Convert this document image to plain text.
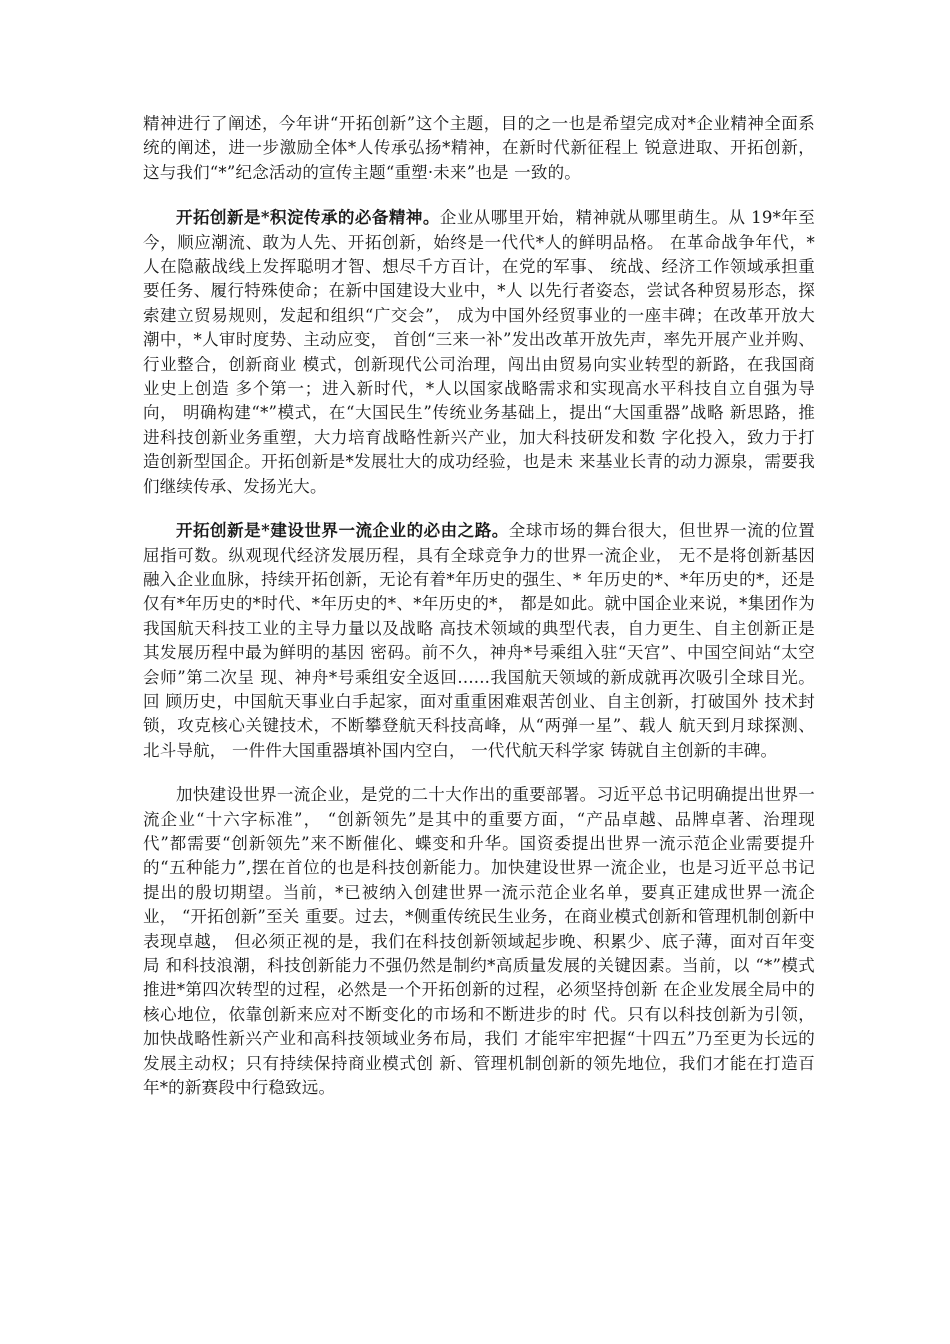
精神进行了阐述，今年讲“开拓创新”这个主题，目的之一也是希望完成对*企业精神全面系统的阐述，进一步激励全体*人传承弘扬*精神，在新时代新征程上 锐意进取、开拓创新，这与我们“*”纪念活动的宣传主题“重塑·未来”也是 一致的。

开拓创新是*积淀传承的必备精神。企业从哪里开始，精神就从哪里萌生。从 19*年至今，顺应潮流、敢为人先、开拓创新，始终是一代代*人的鲜明品格。 在革命战争年代，*人在隐蔽战线上发挥聪明才智、想尽千方百计，在党的军事、 统战、经济工作领域承担重要任务、履行特殊使命；在新中国建设大业中，*人 以先行者姿态，尝试各种贸易形态，探索建立贸易规则，发起和组织“广交会”， 成为中国外经贸事业的一座丰碑；在改革开放大潮中，*人审时度势、主动应变， 首创“三来一补”发出改革开放先声，率先开展产业并购、行业整合，创新商业 模式，创新现代公司治理，闯出由贸易向实业转型的新路，在我国商业史上创造 多个第一；进入新时代，*人以国家战略需求和实现高水平科技自立自强为导向， 明确构建“*”模式，在“大国民生”传统业务基础上，提出“大国重器”战略 新思路，推进科技创新业务重塑，大力培育战略性新兴产业，加大科技研发和数 字化投入，致力于打造创新型国企。开拓创新是*发展壮大的成功经验，也是未 来基业长青的动力源泉，需要我们继续传承、发扬光大。

开拓创新是*建设世界一流企业的必由之路。全球市场的舞台很大，但世界一流的位置屈指可数。纵观现代经济发展历程，具有全球竞争力的世界一流企业， 无不是将创新基因融入企业血脉，持续开拓创新，无论有着*年历史的强生、* 年历史的*、*年历史的*，还是仅有*年历史的*时代、*年历史的*、*年历史的*， 都是如此。就中国企业来说，*集团作为我国航天科技工业的主导力量以及战略 高技术领域的典型代表，自力更生、自主创新正是其发展历程中最为鲜明的基因 密码。前不久，神舟*号乘组入驻“天宫”、中国空间站“太空会师”第二次呈 现、神舟*号乘组安全返回......我国航天领域的新成就再次吸引全球目光。回 顾历史，中国航天事业白手起家，面对重重困难艰苦创业、自主创新，打破国外 技术封锁，攻克核心关键技术，不断攀登航天科技高峰，从“两弹一星”、载人 航天到月球探测、北斗导航， 一件件大国重器填补国内空白， 一代代航天科学家 铸就自主创新的丰碑。

加快建设世界一流企业，是党的二十大作出的重要部署。习近平总书记明确提出世界一流企业“十六字标准”， “创新领先”是其中的重要方面，“产品卓越、品牌卓著、治理现代”都需要“创新领先”来不断催化、蝶变和升华。国资委提出世界一流示范企业需要提升的“五种能力”,摆在首位的也是科技创新能力。加快建设世界一流企业，也是习近平总书记提出的殷切期望。当前，*已被纳入创建世界一流示范企业名单，要真正建成世界一流企业， “开拓创新”至关 重要。过去，*侧重传统民生业务，在商业模式创新和管理机制创新中表现卓越， 但必须正视的是，我们在科技创新领域起步晚、积累少、底子薄，面对百年变局 和科技浪潮，科技创新能力不强仍然是制约*高质量发展的关键因素。当前，以 “*”模式推进*第四次转型的过程，必然是一个开拓创新的过程，必须坚持创新 在企业发展全局中的核心地位，依靠创新来应对不断变化的市场和不断进步的时 代。只有以科技创新为引领，加快战略性新兴产业和高科技领域业务布局，我们 才能牢牢把握“十四五”乃至更为长远的发展主动权；只有持续保持商业模式创 新、管理机制创新的领先地位，我们才能在打造百年*的新赛段中行稳致远。
